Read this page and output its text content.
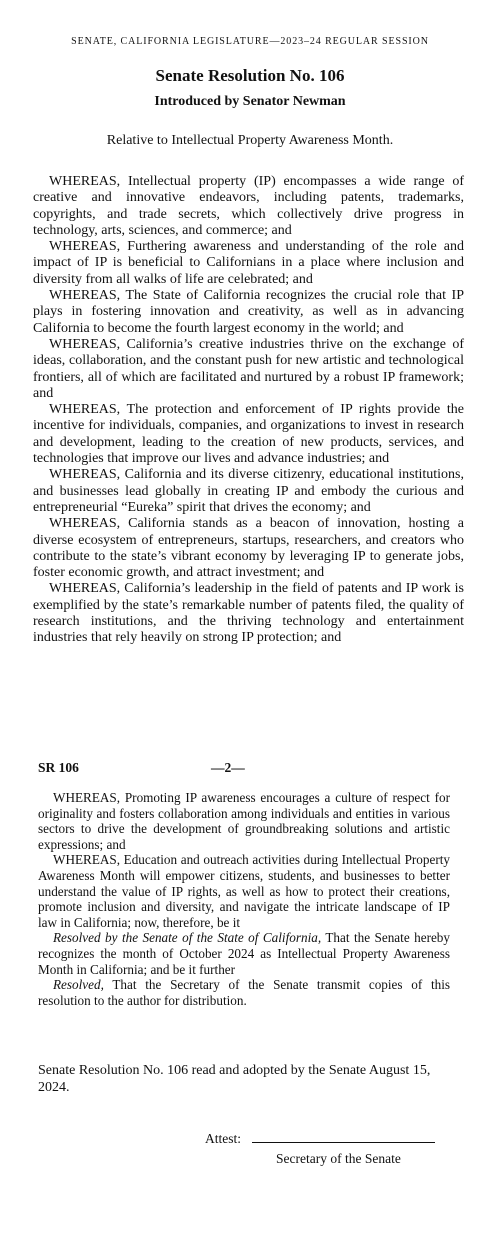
SENATE, CALIFORNIA LEGISLATURE—2023–24 REGULAR SESSION
Senate Resolution No. 106
Introduced by Senator Newman
Relative to Intellectual Property Awareness Month.

WHEREAS, Intellectual property (IP) encompasses a wide range of creative and innovative endeavors, including patents, trademarks, copyrights, and trade secrets, which collectively drive progress in technology, arts, sciences, and commerce; and

WHEREAS, Furthering awareness and understanding of the role and impact of IP is beneficial to Californians in a place where inclusion and diversity from all walks of life are celebrated; and

WHEREAS, The State of California recognizes the crucial role that IP plays in fostering innovation and creativity, as well as in advancing California to become the fourth largest economy in the world; and

WHEREAS, California’s creative industries thrive on the exchange of ideas, collaboration, and the constant push for new artistic and technological frontiers, all of which are facilitated and nurtured by a robust IP framework; and

WHEREAS, The protection and enforcement of IP rights provide the incentive for individuals, companies, and organizations to invest in research and development, leading to the creation of new products, services, and technologies that improve our lives and advance industries; and

WHEREAS, California and its diverse citizenry, educational institutions, and businesses lead globally in creating IP and embody the curious and entrepreneurial “Eureka” spirit that drives the economy; and

WHEREAS, California stands as a beacon of innovation, hosting a diverse ecosystem of entrepreneurs, startups, researchers, and creators who contribute to the state’s vibrant economy by leveraging IP to generate jobs, foster economic growth, and attract investment; and

WHEREAS, California’s leadership in the field of patents and IP work is exemplified by the state’s remarkable number of patents filed, the quality of research institutions, and the thriving technology and entertainment industries that rely heavily on strong IP protection; and

SR 106	—2—

WHEREAS, Promoting IP awareness encourages a culture of respect for originality and fosters collaboration among individuals and entities in various sectors to drive the development of groundbreaking solutions and artistic expressions; and

WHEREAS, Education and outreach activities during Intellectual Property Awareness Month will empower citizens, students, and businesses to better understand the value of IP rights, as well as how to protect their creations, promote inclusion and diversity, and navigate the intricate landscape of IP law in California; now, therefore, be it

Resolved by the Senate of the State of California, That the Senate hereby recognizes the month of October 2024 as Intellectual Property Awareness Month in California; and be it further

Resolved, That the Secretary of the Senate transmit copies of this resolution to the author for distribution.

Senate Resolution No. 106 read and adopted by the Senate August 15, 2024.
Attest:
Secretary of the Senate
